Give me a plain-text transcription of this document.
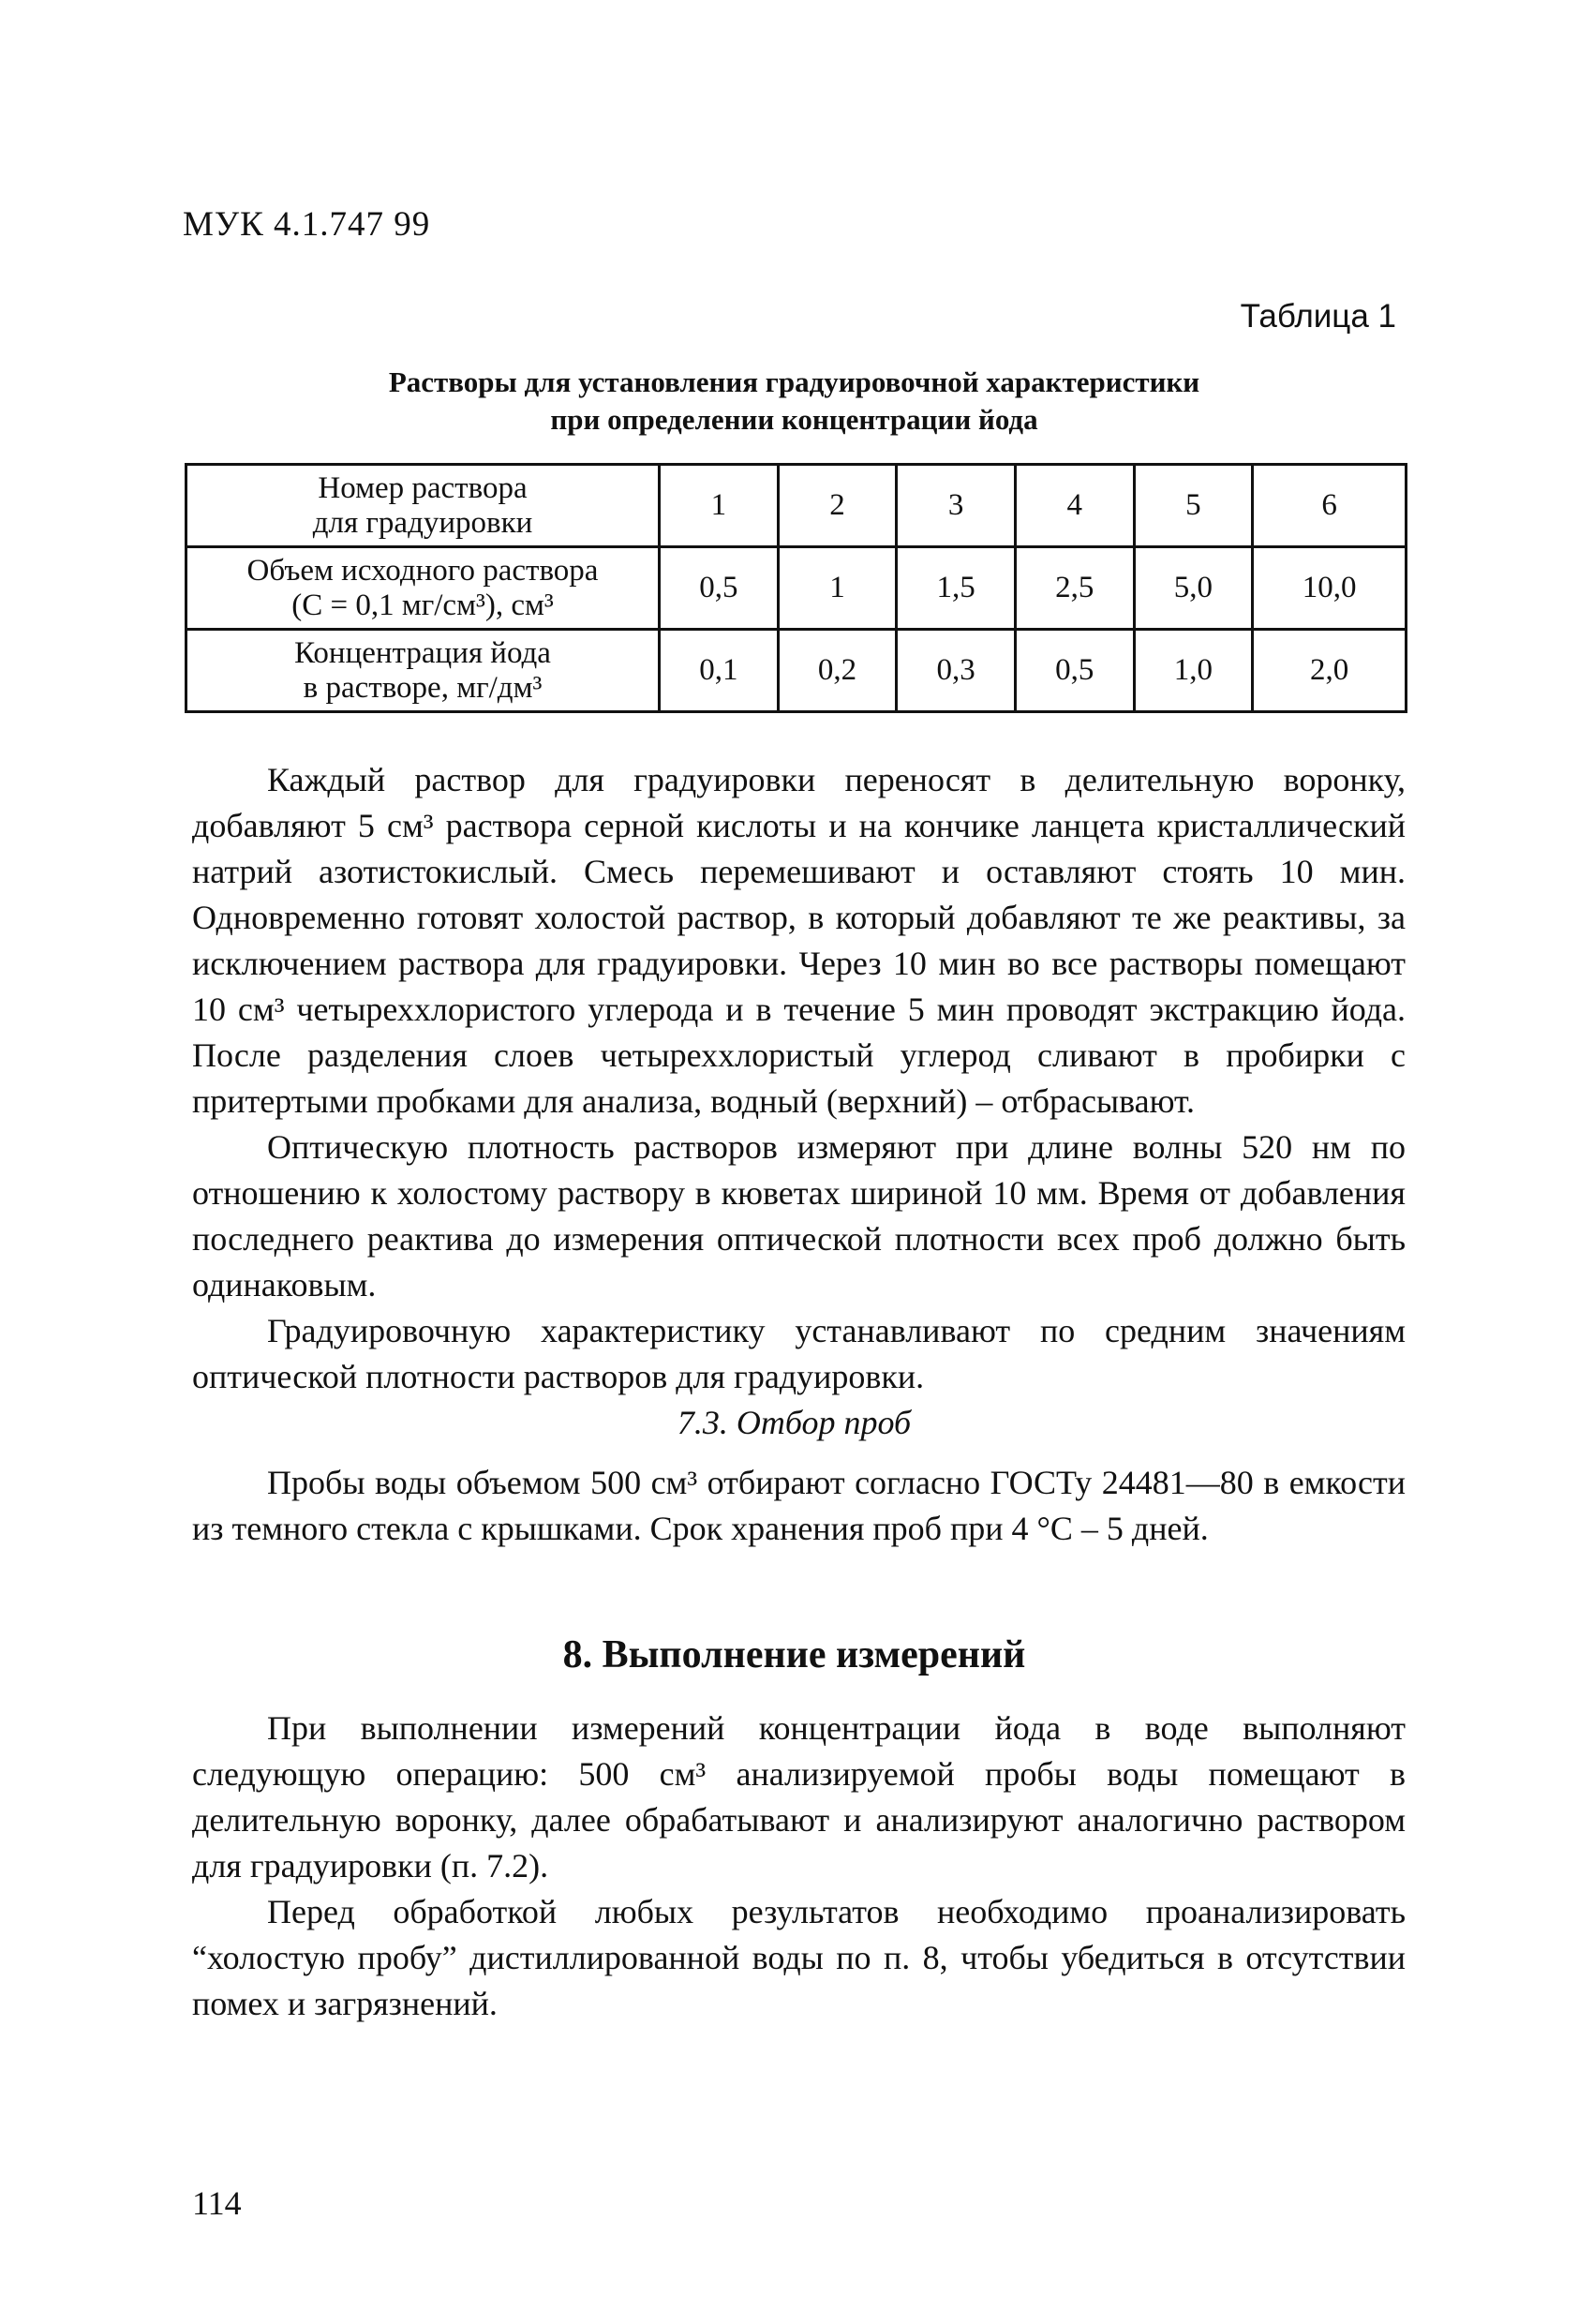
МУК 4.1.747 99
Таблица 1
Растворы для установления градуировочной характеристики
при определении концентрации йода
Номер раствора
для градуировки	1	2	3	4	5	6

Объем исходного раствора
(С = 0,1 мг/см³), см³	0,5	1	1,5	2,5	5,0	10,0

Концентрация йода
в растворе, мг/дм³	0,1	0,2	0,3	0,5	1,0	2,0

Каждый раствор для градуировки переносят в делительную воронку, добавляют 5 см³ раствора серной кислоты и на кончике ланцета кристаллический натрий азотистокислый. Смесь перемешивают и оставляют стоять 10 мин. Одновременно готовят холостой раствор, в который добавляют те же реактивы, за исключением раствора для градуировки. Через 10 мин во все растворы помещают 10 см³ четыреххлористого углерода и в течение 5 мин проводят экстракцию йода. После разделения слоев четыреххлористый углерод сливают в пробирки с притертыми пробками для анализа, водный (верхний) – отбрасывают.

Оптическую плотность растворов измеряют при длине волны 520 нм по отношению к холостому раствору в кюветах шириной 10 мм. Время от добавления последнего реактива до измерения оптической плотности всех проб должно быть одинаковым.

Градуировочную характеристику устанавливают по средним значениям оптической плотности растворов для градуировки.

7.3. Отбор проб

Пробы воды объемом 500 см³ отбирают согласно ГОСТу 24481—80 в емкости из темного стекла с крышками. Срок хранения проб при 4 °С – 5 дней.

8. Выполнение измерений

При выполнении измерений концентрации йода в воде выполняют следующую операцию: 500 см³ анализируемой пробы воды помещают в делительную воронку, далее обрабатывают и анализируют аналогично раствором для градуировки (п. 7.2).

Перед обработкой любых результатов необходимо проанализировать “холостую пробу” дистиллированной воды по п. 8, чтобы убедиться в отсутствии помех и загрязнений.

114
